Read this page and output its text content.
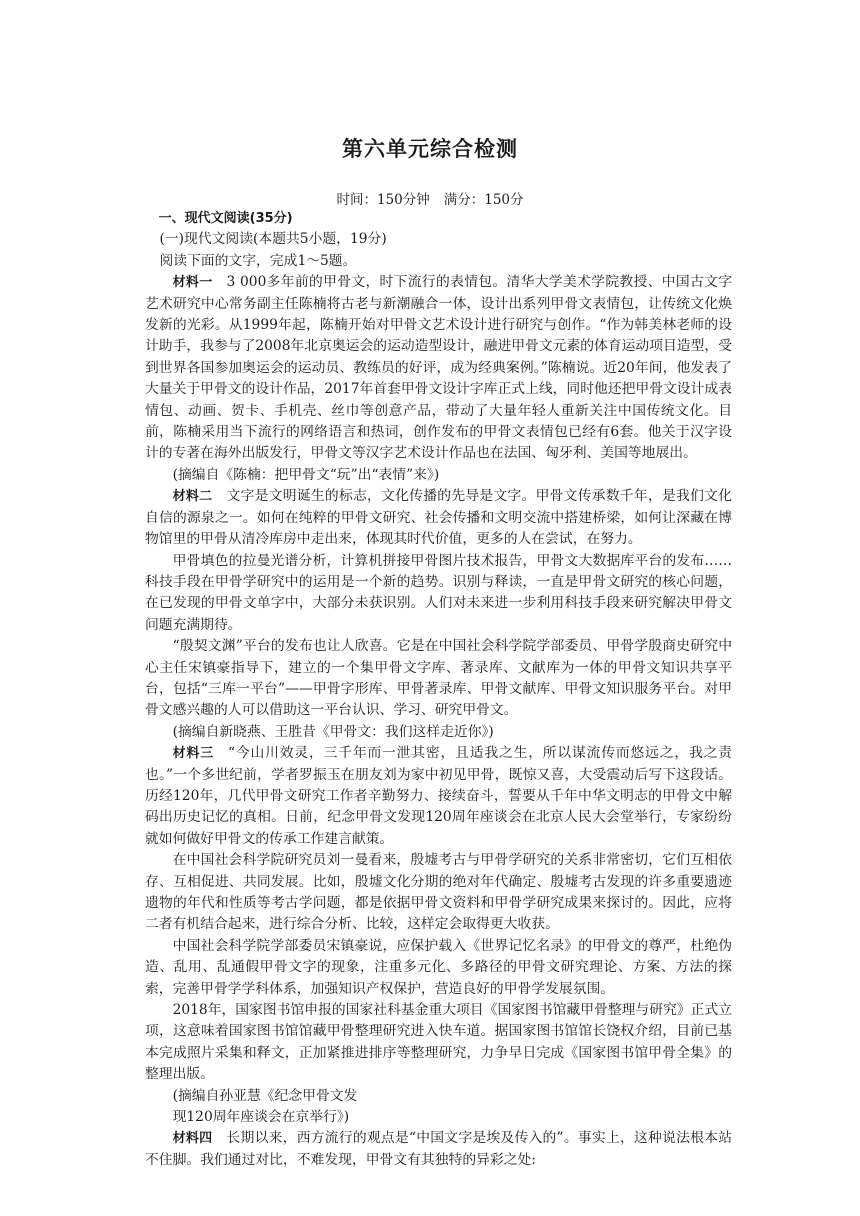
第六单元综合检测
时间：150分钟 满分：150分

一、现代文阅读(35分)

(一)现代文阅读(本题共5小题，19分)

阅读下面的文字，完成1～5题。

材料一 3 000多年前的甲骨文，时下流行的表情包。清华大学美术学院教授、中国古文字艺术研究中心常务副主任陈楠将古老与新潮融合一体，设计出系列甲骨文表情包，让传统文化焕发新的光彩。从1999年起，陈楠开始对甲骨文艺术设计进行研究与创作。“作为韩美林老师的设计助手，我参与了2008年北京奥运会的运动造型设计，融进甲骨文元素的体育运动项目造型，受到世界各国参加奥运会的运动员、教练员的好评，成为经典案例。”陈楠说。近20年间，他发表了大量关于甲骨文的设计作品，2017年首套甲骨文设计字库正式上线，同时他还把甲骨文设计成表情包、动画、贺卡、手机壳、丝巾等创意产品，带动了大量年轻人重新关注中国传统文化。目前，陈楠采用当下流行的网络语言和热词，创作发布的甲骨文表情包已经有6套。他关于汉字设计的专著在海外出版发行，甲骨文等汉字艺术设计作品也在法国、匈牙利、美国等地展出。

(摘编自《陈楠：把甲骨文“玩”出“表情”来》)

材料二 文字是文明诞生的标志，文化传播的先导是文字。甲骨文传承数千年，是我们文化自信的源泉之一。如何在纯粹的甲骨文研究、社会传播和文明交流中搭建桥梁，如何让深藏在博物馆里的甲骨从清冷库房中走出来，体现其时代价值，更多的人在尝试，在努力。

甲骨填色的拉曼光谱分析，计算机拼接甲骨图片技术报告，甲骨文大数据库平台的发布……科技手段在甲骨学研究中的运用是一个新的趋势。识别与释读，一直是甲骨文研究的核心问题，在已发现的甲骨文单字中，大部分未获识别。人们对未来进一步利用科技手段来研究解决甲骨文问题充满期待。

“殷契文渊”平台的发布也让人欣喜。它是在中国社会科学院学部委员、甲骨学殷商史研究中心主任宋镇豪指导下，建立的一个集甲骨文字库、著录库、文献库为一体的甲骨文知识共享平台，包括“三库一平台”——甲骨字形库、甲骨著录库、甲骨文献库、甲骨文知识服务平台。对甲骨文感兴趣的人可以借助这一平台认识、学习、研究甲骨文。

(摘编自新晓燕、王胜昔《甲骨文：我们这样走近你》)

材料三 “今山川效灵，三千年而一泄其密，且适我之生，所以谋流传而悠远之，我之责也。”一个多世纪前，学者罗振玉在朋友刘为家中初见甲骨，既惊又喜，大受震动后写下这段话。历经120年，几代甲骨文研究工作者辛勤努力、接续奋斗，誓要从千年中华文明志的甲骨文中解码出历史记忆的真相。日前，纪念甲骨文发现120周年座谈会在北京人民大会堂举行，专家纷纷就如何做好甲骨文的传承工作建言献策。

在中国社会科学院研究员刘一曼看来，殷墟考古与甲骨学研究的关系非常密切，它们互相依存、互相促进、共同发展。比如，殷墟文化分期的绝对年代确定、殷墟考古发现的许多重要遗迹遗物的年代和性质等考古学问题，都是依据甲骨文资料和甲骨学研究成果来探讨的。因此，应将二者有机结合起来，进行综合分析、比较，这样定会取得更大收获。

中国社会科学院学部委员宋镇豪说，应保护载入《世界记忆名录》的甲骨文的尊严，杜绝伪造、乱用、乱通假甲骨文字的现象，注重多元化、多路径的甲骨文研究理论、方案、方法的探索，完善甲骨学学科体系，加强知识产权保护，营造良好的甲骨学发展氛围。

2018年，国家图书馆申报的国家社科基金重大项目《国家图书馆藏甲骨整理与研究》正式立项，这意味着国家图书馆馆藏甲骨整理研究进入快车道。据国家图书馆馆长饶权介绍，目前已基本完成照片采集和释文，正加紧推进排序等整理研究，力争早日完成《国家图书馆甲骨全集》的整理出版。

(摘编自孙亚慧《纪念甲骨文发

现120周年座谈会在京举行》)

材料四 长期以来，西方流行的观点是“中国文字是埃及传入的”。事实上，这种说法根本站不住脚。我们通过对比，不难发现，甲骨文有其独特的异彩之处:
